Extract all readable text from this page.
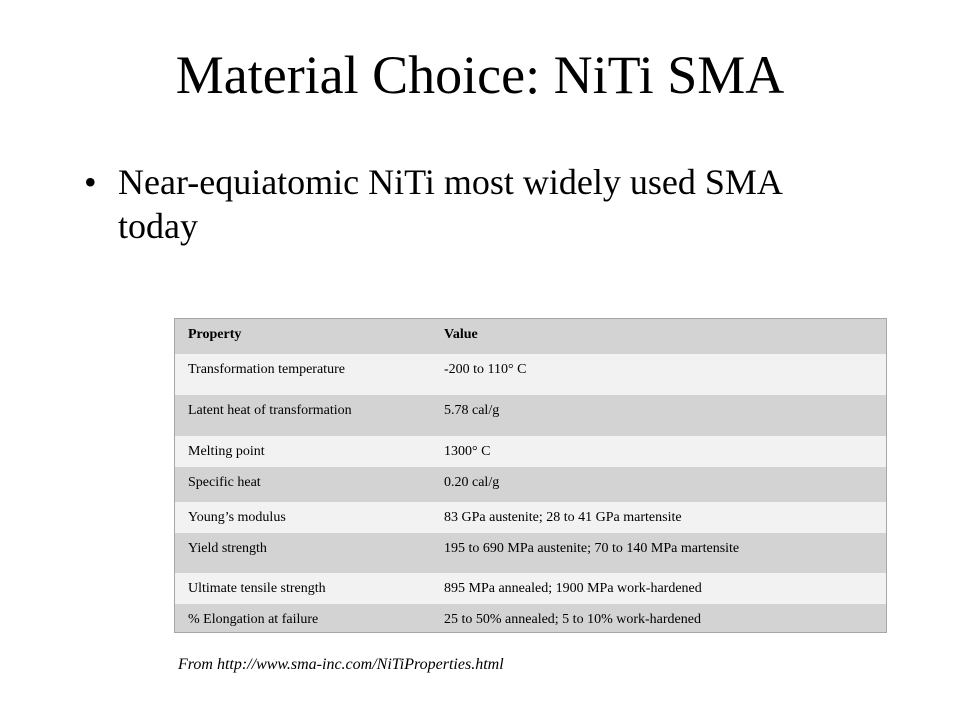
Material Choice: NiTi SMA
• Near-equiatomic NiTi most widely used SMA today
Property	Value
Transformation temperature	-200 to 110° C
Latent heat of transformation	5.78 cal/g
Melting point	1300° C
Specific heat	0.20 cal/g
Young’s modulus	83 GPa austenite; 28 to 41 GPa martensite
Yield strength	195 to 690 MPa austenite; 70 to 140 MPa martensite
Ultimate tensile strength	895 MPa annealed; 1900 MPa work-hardened
% Elongation at failure	25 to 50% annealed; 5 to 10% work-hardened
From http://www.sma-inc.com/NiTiProperties.html
